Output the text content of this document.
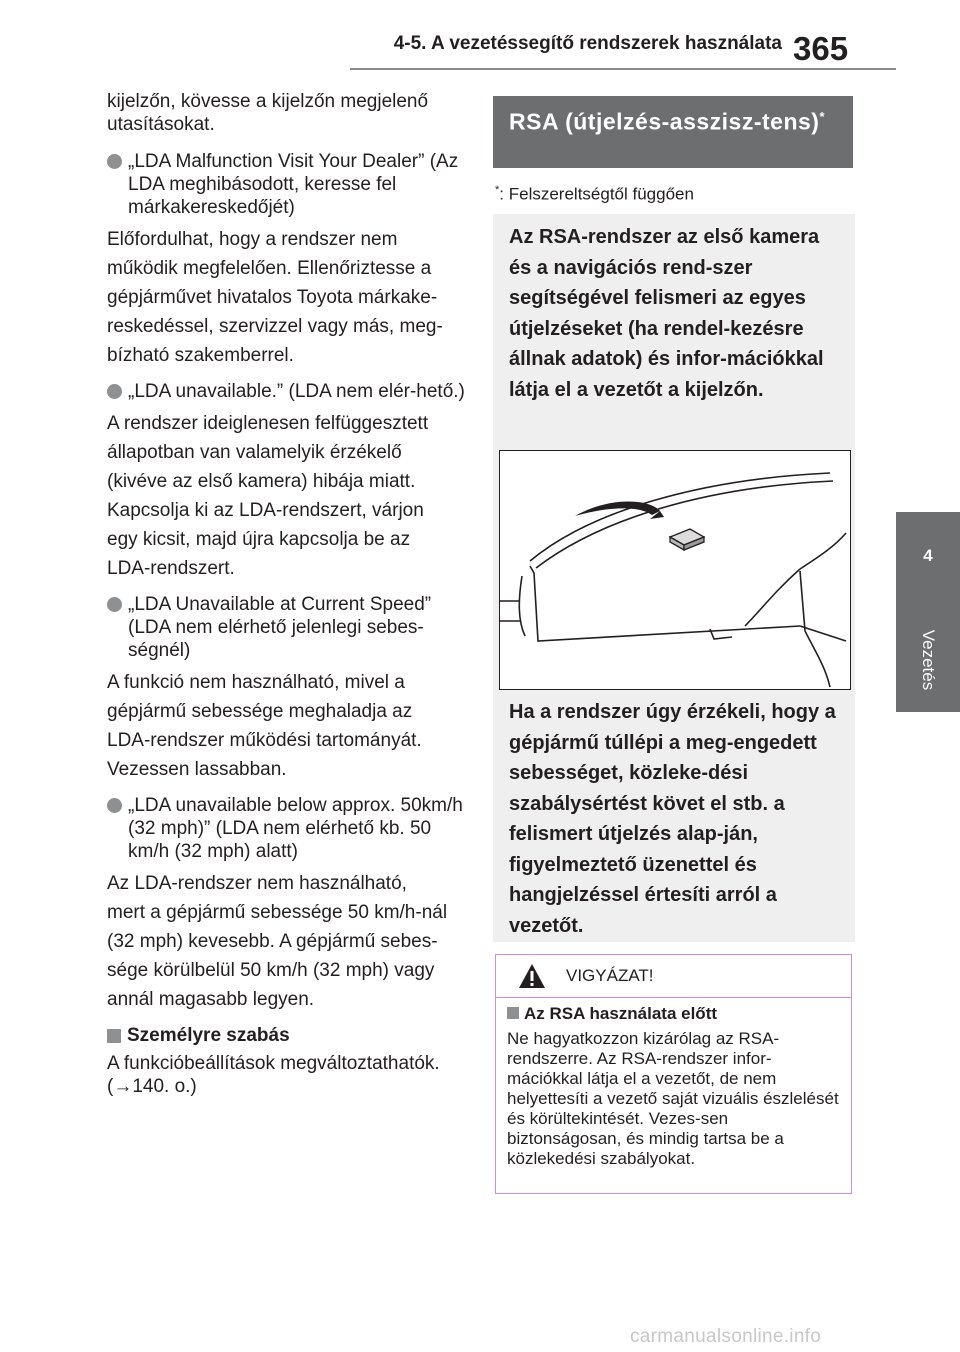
4-5. A vezetéssegítő rendszerek használata 365
4
Vezetés

kijelzőn, kövesse a kijelzőn megjelenő utasításokat.

„LDA Malfunction Visit Your Dealer” (Az LDA meghibásodott, keresse fel márkakereskedőjét)

Előfordulhat, hogy a rendszer nem
működik megfelelően. Ellenőriztesse a
gépjárművet hivatalos Toyota márkake-
reskedéssel, szervizzel vagy más, meg-
bízható szakemberrel.

„LDA unavailable.” (LDA nem elér-hető.)

A rendszer ideiglenesen felfüggesztett
állapotban van valamelyik érzékelő
(kivéve az első kamera) hibája miatt.
Kapcsolja ki az LDA-rendszert, várjon
egy kicsit, majd újra kapcsolja be az
LDA-rendszert.

„LDA Unavailable at Current Speed” (LDA nem elérhető jelenlegi sebes-ségnél)

A funkció nem használható, mivel a
gépjármű sebessége meghaladja az
LDA-rendszer működési tartományát.
Vezessen lassabban.

„LDA unavailable below approx. 50km/h (32 mph)” (LDA nem elérhető kb. 50 km/h (32 mph) alatt)

Az LDA-rendszer nem használható,
mert a gépjármű sebessége 50 km/h-nál
(32 mph) kevesebb. A gépjármű sebes-
sége körülbelül 50 km/h (32 mph) vagy
annál magasabb legyen.

Személyre szabás

A funkcióbeállítások megváltoztathatók. (→140. o.)

RSA (útjelzés-asszisz-tens)*
*: Felszereltségtől függően
Az RSA-rendszer az első kamera és a navigációs rend-szer segítségével felismeri az egyes útjelzéseket (ha rendel-kezésre állnak adatok) és infor-mációkkal látja el a vezetőt a kijelzőn.
Ha a rendszer úgy érzékeli, hogy a gépjármű túllépi a meg-engedett sebességet, közleke-dési szabálysértést követ el stb. a felismert útjelzés alap-ján, figyelmeztető üzenettel és hangjelzéssel értesíti arról a vezetőt.
VIGYÁZAT!

Az RSA használata előtt

Ne hagyatkozzon kizárólag az RSA-rendszerre. Az RSA-rendszer infor-mációkkal látja el a vezetőt, de nem helyettesíti a vezető saját vizuális észlelését és körültekintését. Vezes-sen biztonságosan, és mindig tartsa be a közlekedési szabályokat.

carmanualsonline.info
